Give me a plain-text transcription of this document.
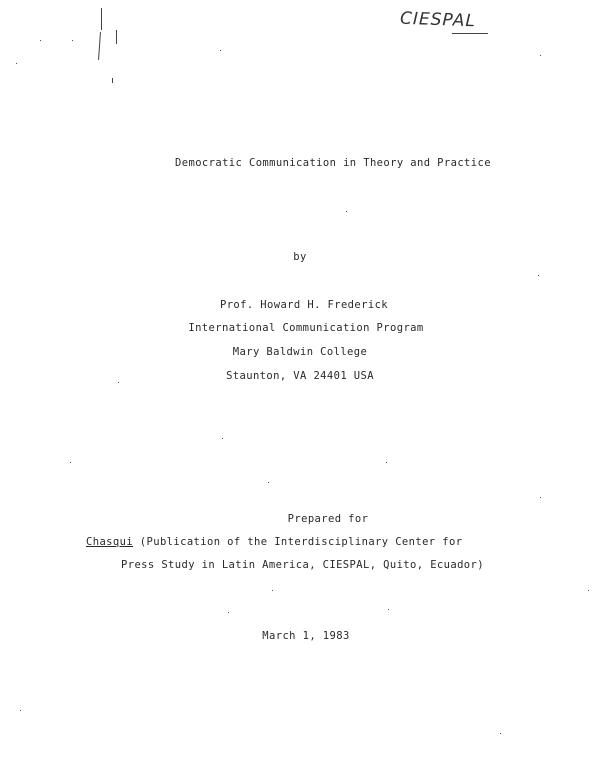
CIESPAL
Democratic Communication in Theory and Practice
by
Prof. Howard H. Frederick
International Communication Program
Mary Baldwin College
Staunton, VA 24401 USA
Prepared for
Chasqui (Publication of the Interdisciplinary Center for
Press Study in Latin America, CIESPAL, Quito, Ecuador)
March 1, 1983
